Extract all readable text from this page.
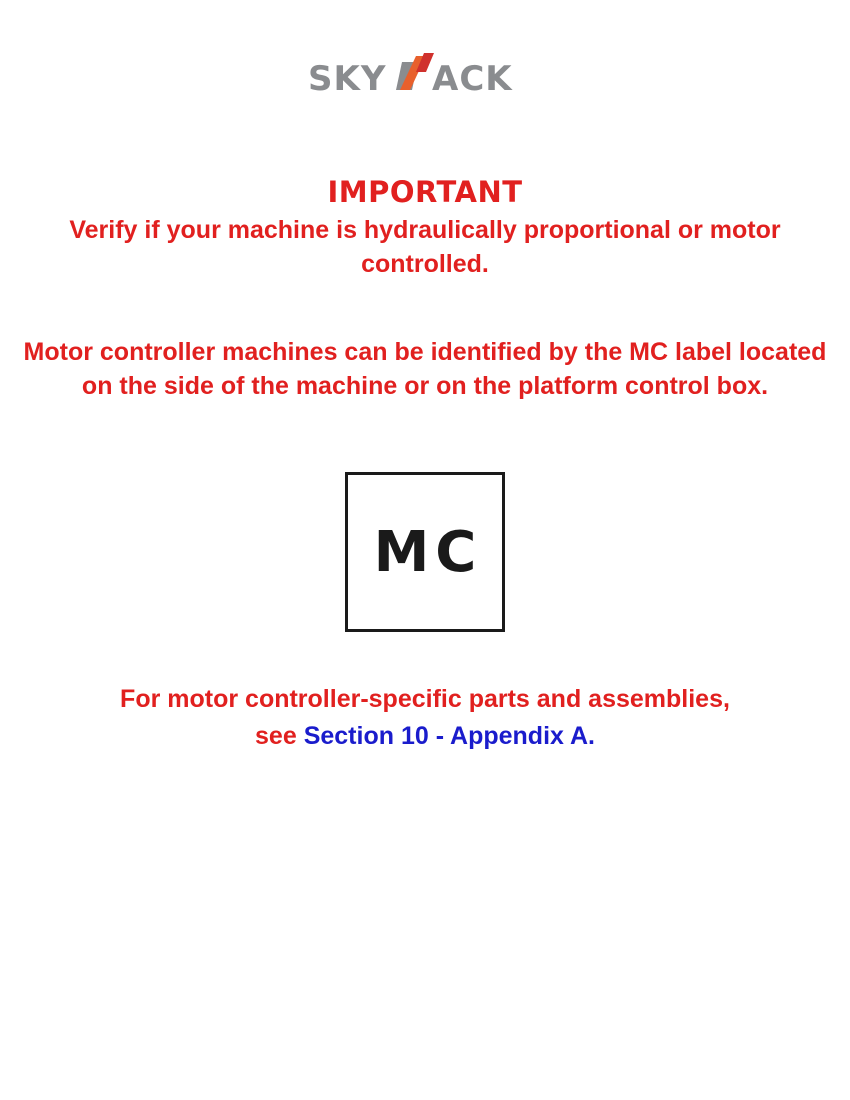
SKY ACK
IMPORTANT

Verify if your machine is hydraulically proportional or motor controlled.

Motor controller machines can be identified by the MC label located on the side of the machine or on the platform control box.

MC

For motor controller-specific parts and assemblies,
see Section 10 - Appendix A.
